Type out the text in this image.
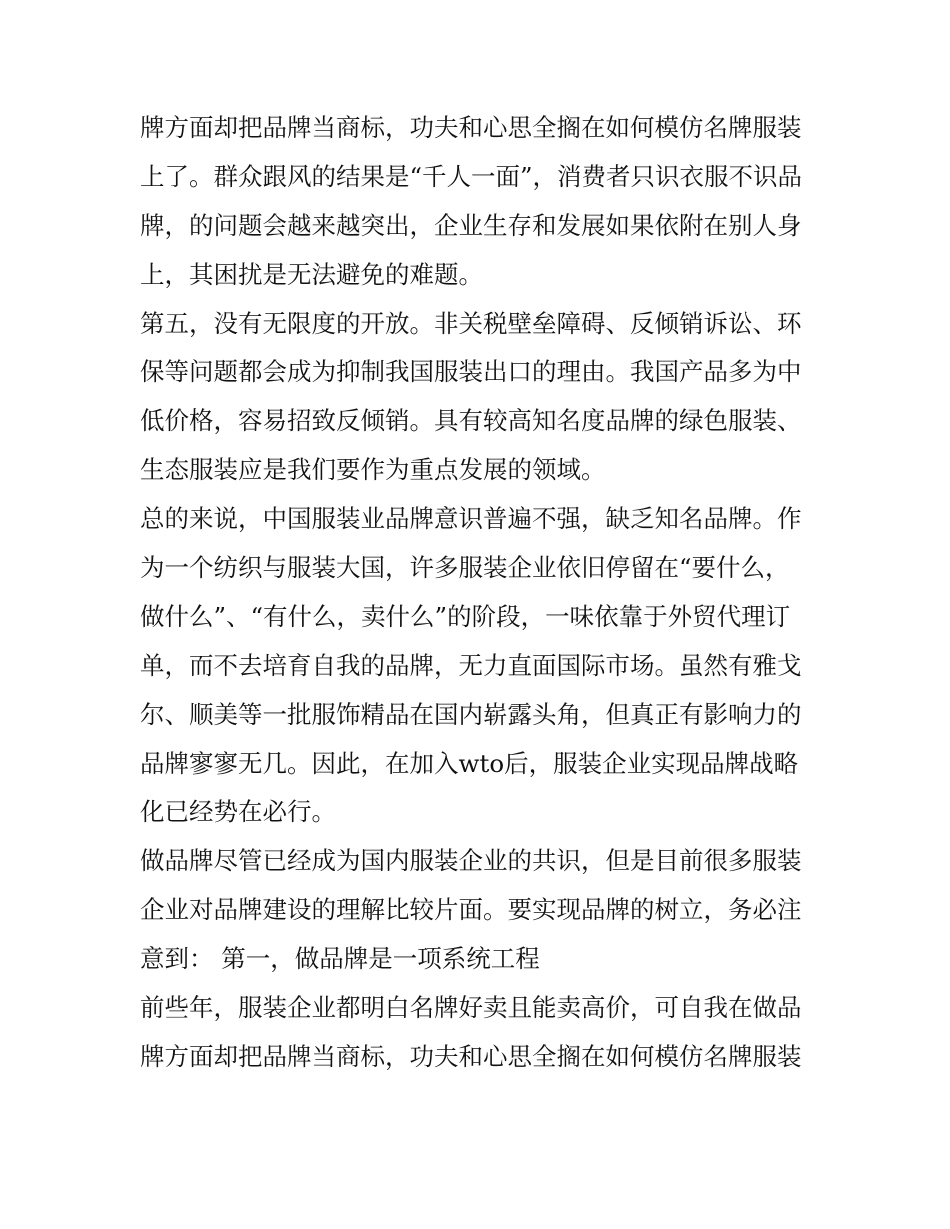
牌方面却把品牌当商标，功夫和心思全搁在如何模仿名牌服装
上了。群众跟风的结果是“千人一面”，消费者只识衣服不识品
牌，的问题会越来越突出，企业生存和发展如果依附在别人身
上，其困扰是无法避免的难题。
第五，没有无限度的开放。非关税壁垒障碍、反倾销诉讼、环
保等问题都会成为抑制我国服装出口的理由。我国产品多为中
低价格，容易招致反倾销。具有较高知名度品牌的绿色服装、
生态服装应是我们要作为重点发展的领域。
总的来说，中国服装业品牌意识普遍不强，缺乏知名品牌。作
为一个纺织与服装大国，许多服装企业依旧停留在“要什么，
做什么”、“有什么，卖什么”的阶段，一味依靠于外贸代理订
单，而不去培育自我的品牌，无力直面国际市场。虽然有雅戈
尔、顺美等一批服饰精品在国内崭露头角，但真正有影响力的
品牌寥寥无几。因此，在加入wto后，服装企业实现品牌战略
化已经势在必行。
做品牌尽管已经成为国内服装企业的共识，但是目前很多服装
企业对品牌建设的理解比较片面。要实现品牌的树立，务必注
意到： 第一，做品牌是一项系统工程
前些年，服装企业都明白名牌好卖且能卖高价，可自我在做品
牌方面却把品牌当商标，功夫和心思全搁在如何模仿名牌服装
